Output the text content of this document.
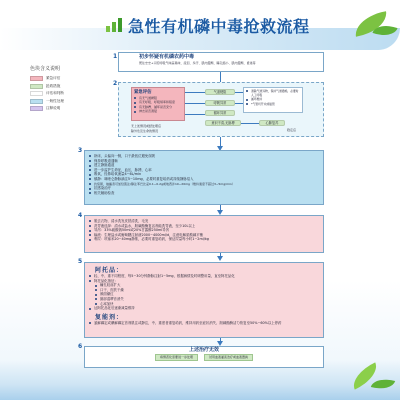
急性有机磷中毒抢救流程
色块含义说明
紧急评估
抢救措施
评估和判断
一般性处理
注释说明
1	初步怀疑有机磷农药中毒
既往史史+口腔呼吸气味蒜臭味、流泪、多汗、肌肉震颤、瞳孔缩小、肌肉震颤、昏迷等
2
紧急评估
有无气道梗阻
有无呼吸、呼吸频率和程度
有无脉搏、循环是否充分
神志是否清楚
气道梗阻
呼吸异常
循环异常
意识不清,无脉搏
清除气道异物，保持气道通畅，必要时人工呼吸
循环维持
*气管切开术或插管
心肺复苏
稳定后
无上述情况或经处理后
除外危及生命的情况
3
卧床，头偏向一侧，口于最低位避免误吸
保持呼吸道通畅
建立静脉通道
进一步监护生命征，血压，脉搏，心率
吸氧，经鼻给氧流量4~6L/min
镇静：咪唑仑静脉滴注5~10mg，必要时重复给药或持续静脉泵入
抗惊厥，抽搐者可加给肌注/静注苯巴比妥0.1~0.2g或地西泮10~20mg（维持速度不超过3~5mg/min）
抗感染治疗
相关辅助检查
4
脱去衣物，清水洗发皮肤清洗，毛发
洗胃液选择：清水或盐水，胆碱酯酶复活剂能洗胃液，至少10L以上
导泻：33%硫酸钠50ml或20%甘露醇250ml导泻
输液：生理盐水或葡萄糖注射液2000~4000ml/d，注意电解质酸碱平衡
利尿：呋塞米20~40mg静推，必要时重复给药，保证尿量每小时1~2ml/kg
5
阿托品：
轻、中、重不同程度，每5~30分钟静脉注射1~5mg，根据病情及时调整用量，直至阿托品化
阿托品化指征：
瞳孔较前扩大
口干，皮肤干燥
颜面潮红
肺部湿啰音消失
心率加快
达阿托品化后逐渐减量维持
复能剂：
氯解磷定或碘解磷定首剂肌注或静注，中、重度者重复给药，维持用药至症状消失、胆碱酯酶活力恢复至50%~60%以上停药
6	上述治疗无效
病情恶化需要进一步处理	试用血液灌流治疗或血液置换
